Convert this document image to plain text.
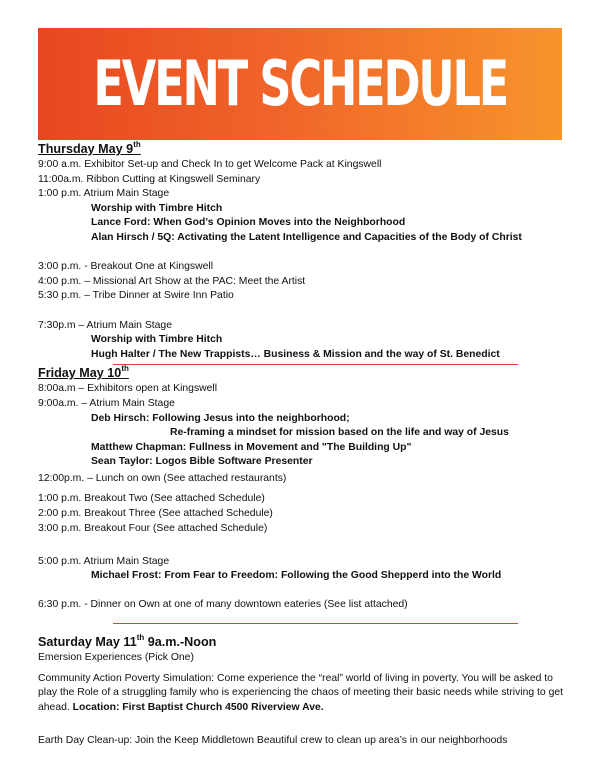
EVENT SCHEDULE
Thursday May 9th
9:00 a.m. Exhibitor Set-up and Check In to get Welcome Pack at Kingswell
11:00a.m. Ribbon Cutting at Kingswell Seminary
1:00 p.m. Atrium Main Stage
Worship with Timbre Hitch
Lance Ford: When God’s Opinion Moves into the Neighborhood
Alan Hirsch / 5Q: Activating the Latent Intelligence and Capacities of the Body of Christ
3:00 p.m. - Breakout One at Kingswell
4:00 p.m. – Missional Art Show at the PAC: Meet the Artist
5:30 p.m. – Tribe Dinner at Swire Inn Patio
7:30p.m – Atrium Main Stage
Worship with Timbre Hitch
Hugh Halter / The New Trappists… Business & Mission and the way of St. Benedict
Friday May 10th
8:00a.m – Exhibitors open at Kingswell
9:00a.m. – Atrium Main Stage
Deb Hirsch: Following Jesus into the neighborhood;
Re-framing a mindset for mission based on the life and way of Jesus
Matthew Chapman: Fullness in Movement and "The Building Up"
Sean Taylor: Logos Bible Software Presenter
12:00p.m. – Lunch on own (See attached restaurants)
1:00 p.m. Breakout Two (See attached Schedule)
2:00 p.m. Breakout Three (See attached Schedule)
3:00 p.m. Breakout Four (See attached Schedule)
5:00 p.m. Atrium Main Stage
Michael Frost: From Fear to Freedom: Following the Good Shepperd into the World
6:30 p.m. - Dinner on Own at one of many downtown eateries (See list attached)
Saturday May 11th 9a.m.-Noon
Emersion Experiences (Pick One)
Community Action Poverty Simulation: Come experience the “real” world of living in poverty. You will be asked to play the Role of a struggling family who is experiencing the chaos of meeting their basic needs while striving to get ahead. Location: First Baptist Church 4500 Riverview Ave.
Earth Day Clean-up: Join the Keep Middletown Beautiful crew to clean up area’s in our neighborhoods
